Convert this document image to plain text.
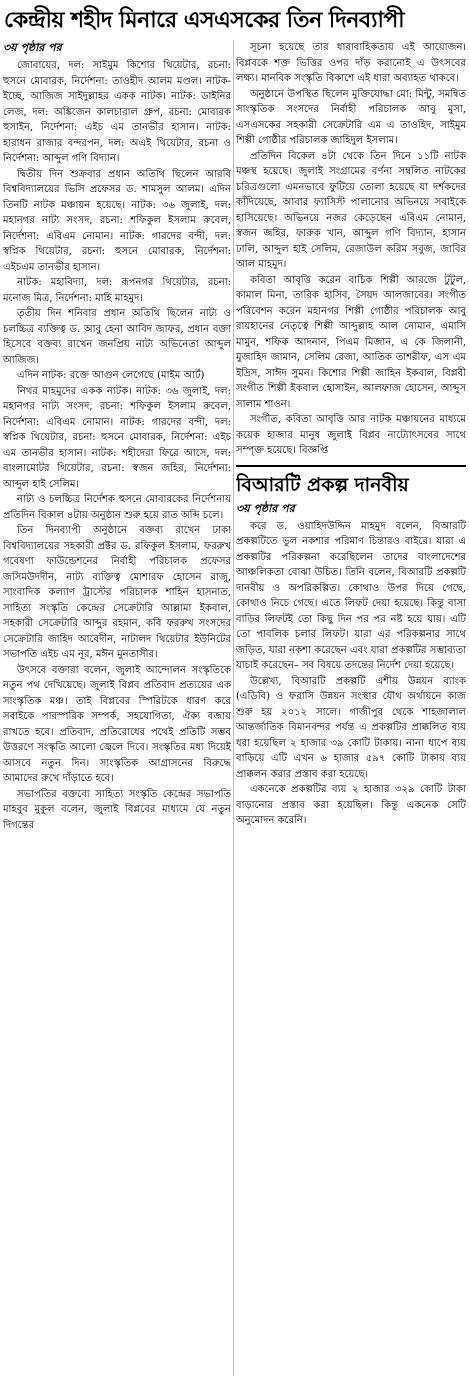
কেন্দ্রীয় শহীদ মিনারে এসএসকের তিন দিনব্যাপী
৩য় পৃষ্ঠার পর

জোবায়ের, দল: সাইমুম কিশোর থিয়েটার, রচনা: হুসনে মোবারক, নির্দেশনা: তাওহীদ আলম মণ্ডল। নাটক- ইচ্ছে, আজিজ সাইদুল্লাহর একক নাটক। নাটক: ডাইনির লেজ, দল: অঙ্কিজেন কালচারাল গ্রুপ, রচনা: মোবারক হুসাইন, নির্দেশনা: এইচ এম তানভীর হাসান। নাটক: হারাধন রাজার বন্দরপন, দল: অএই থিয়েটার, রচনা ও নির্দেশনা: আব্দুল গণি বিদ্যান।

দ্বিতীয় দিন শুক্রবার প্রধান অতিথি ছিলেন আরবি বিশ্ববিদ্যালয়ের ভিসি প্রফেসর ড. শামসুল আলম। এদিন তিনটি নাটক মঞ্চায়ন হয়েছে। নাটক: ৩৬ জুলাই, দল: মহানগর নাট্য সংসদ, রচনা: শফিকুল ইসলাম রুবেল, নির্দেশনা: এবিএম নোমান। নাটক: গারদের বন্দী, দল: স্বপ্নিক থিয়েটার, রচনা: হুসনে মোবারক, নির্দেশনা: এইচএম তানভীর হাসান।

নাটক: মহাবিদ্যা, দল: রূপনগর থিয়েটার, রচনা: মনোজ মিত্র, নির্দেশনা: মাহি মাহমুদ।

তৃতীয় দিন শনিবার প্রধান অতিথি ছিলেন নাট্য ও চলচ্চিত্র ব্যক্তিত্ব ড. আবু হেনা আবিদ জাফর, প্রধান বক্তা হিসেবে বক্তব্য রাখেন জনপ্রিয় নাট্য অভিনেতা আব্দুল আজিজ।

এদিন নাটক: রক্তে আগুন লেগেছে (মাইম আর্ট)

নিথর মাহমুদের একক নাটক। নাটক: ৩৬ জুলাই, দল: মহানগর নাট্য সংসদ, রচনা: শফিকুল ইসলাম রুবেল, নির্দেশনা: এবিএম নোমান। নাটক: গারদের বন্দী, দল: স্বপ্নিক থিয়েটার, রচনা: হুসনে মোবারক, নির্দেশনা: এইচ এম তানভীর হাসান। নাটক: শহীদেরা ফিরে আসে, দল: বাংলামোটর থিয়েটার, রচনা: স্বজন জহির, নির্দেশনা: আব্দুল হাই সেলিম।

নাট্য ও চলচ্চিত্র নির্দেশক হুসনে মোবারকের নির্দেশনায় প্রতিদিন বিকাল ৪টায় অনুষ্ঠান শুরু হয়ে রাত অব্দি চলে।

তিন দিনব্যাপী অনুষ্ঠানে বক্তব্য রাখেন ঢাকা বিশ্ববিদ্যালয়ের সহকারী প্রক্টর ড. রফিকুল ইসলাম, ফররুখ গবেষণা ফাউন্ডেশনের নির্বাহী পরিচালক প্রফেসর জসিমউদদীন, নাট্য ব্যক্তিত্ব মোশারফ হোসেন রাজু, সাংবাদিক কল্যাণ ট্রাস্টের পরিচালক শাহিন হাসনাত, সাহিত্য সংস্কৃতি কেন্দ্রের সেক্রেটারি আল্লামা ইকবাল, সহকারী সেক্রেটারি আব্দুর রহমান, কবি ফররুখ সংসদের সেক্রেটারি জাহিদ আবেদীন, নাটালদ থিয়েটার ইউনিটের সভাপতি এইচ এম নূর, মঈন মুনতাসীর।

উৎসবে বক্তারা বলেন, জুলাই আন্দোলন সংস্কৃতিকে নতুন পথ দেখিয়েছে। জুলাই বিপ্লব প্রতিবাদ প্রত্যয়ের এক সাংস্কৃতিক মঞ্চ। তাই বিপ্লবের স্পিরিটকে ধারণ করে সবাইকে পারস্পরিক সম্পর্ক, সহযোগিতা, ঐক্য বজায় রাখতে হবে। প্রতিবাদ, প্রতিরোধের পথেই প্রতিটি সম্ভব উত্তরণে সংস্কৃতি আলো জ্বেলে দিবে। সংস্কৃতির মধ্য দিয়েই আসবে নতুন দিন। সাংস্কৃতিক আগ্রাসনের বিরুদ্ধে আমাদের রুখে দাঁড়াতে হবে।

সভাপতির বক্তব্যে সাহিত্য সংস্কৃতি কেন্দ্রের সভাপতি মাহবুব মুকুল বলেন, জুলাই বিপ্লবের মাধ্যমে যে নতুন দিগন্তের

সূচনা হয়েছে তার ধারাবাহিকতায় এই আয়োজন। বিপ্লবকে শক্ত ভিত্তির ওপর দাঁড় করানোই এ উৎসবের লক্ষ্য। মানবিক সংস্কৃতি বিকাশে এই ধারা অব্যাহত থাকবে।

অনুষ্ঠানে উপস্থিত ছিলেন মুক্তিযোদ্ধা মো: মিন্টু, সমন্বিত সাংস্কৃতিক সংসদের নির্বাহী পরিচালক আবু মুসা, এসএসকের সহকারী সেক্রেটারি এম এ তাওহিদ, সাইমুম শিল্পী গোষ্ঠীর পরিচালক জাহিদুল ইসলাম।

প্রতিদিন বিকেল ৪টা থেকে তিন দিনে ১১টি নাটক মঞ্চস্থ হয়েছে। জুলাই সংগ্রামের বর্ণনা সম্বলিত নাটকের চরিত্রগুলো এমনভাবে ফুটিয়ে তোলা হয়েছে যা দর্শকদের কাঁদিয়েছে, আবার ফ্যাসিস্ট পালানোর অভিনয়ে সবাইকে হাসিয়েছে। অভিনয়ে নজর কেড়েছেন এবিএম নোমান, স্বজন জহির, ফারুক খান, আব্দুল গণি বিদ্যান, হাসান ঢালি, আব্দুল হাই সেলিম, রেজাউল করিম সবুজ, জাবির আল মাহমুদ।

কবিতা আবৃত্তি করেন বাচিক শিল্পী আরজে টুটুল, কামাল মিনা, তারিক হাসিব, সৈয়দ আলজাবের। সংগীত পরিবেশন করেন মহানগর শিল্পী গোষ্ঠীর পরিচালক আবু রায়হানের নেতৃত্বে শিল্পী আব্দুল্লাহ আল নোমান, এমাসি মামুন, শফিক আদনান, পিএম মিজান, এ কে জিলানী, মুজাহিদ জামান, সেলিম রেজা, আতিক তাশরীফ, এস এম ইদ্রিস, সাঈদ সুমন। কিশোর শিল্পী জাহিন ইকবাল, বিপ্লবী সংগীত শিল্পী ইকবাল হোসাইন, আলফাজ হোসেন, আব্দুস সালাম শাওন।

সংগীত, কবিতা আবৃত্তি আর নাটক মঞ্চায়নের মাধ্যমে কয়েক হাজার মানুষ জুলাই বিপ্লব নাট্যোৎসবের সাথে সম্পৃক্ত হয়েছে। বিজ্ঞপ্তি

বিআরটি প্রকল্প দানবীয়
৩য় পৃষ্ঠার পর

করে ড. ওয়াহিদউদ্দিন মাহমুদ বলেন, বিআরটি প্রকল্পটিতে ভুল নকশার পরিমাণ চিন্তারও বাইরে। যারা এ প্রকল্পটির পরিকল্পনা করেছিলেন তাদের বাংলাদেশের আঞ্চলিকতা বোঝা উচিত। তিনি বলেন, বিআরটি প্রকল্পটি দানবীয় ও অপরিকল্পিত। কোথাও উপর দিয়ে গেছে, কোথাও নিচে গেছে। এতে লিফট দেয়া হয়েছে। কিন্তু বাসা বাড়ির লিফটই তো কিছু দিন পর পর নষ্ট হয়ে যায়। এটি তো পাবলিক চলার লিফট। যারা এর পরিকল্পনার সাথে জড়িত, যারা নকশা করেছেন এবং যারা প্রকল্পটির সম্ভাব্যতা যাচাই করেছেন– সব বিষয়ে তদন্তের নির্দেশ দেয়া হয়েছে।

উল্লেখ্য, বিআরটি প্রকল্পটি এশীয় উন্নয়ন ব্যাংক (এডিবি) ও ফরাসি উন্নয়ন সংস্থার যৌথ অর্থায়নে কাজ শুরু হয় ২০১২ সালে। গাজীপুর থেকে শাহজালাল আন্তর্জাতিক বিমানবন্দর পর্যন্ত এ প্রকল্পটির প্রাক্কলিত ব্যয় ধরা হয়েছিল ২ হাজার ৩৯ কোটি টাকায়। নানা ধাপে ব্যয় বাড়িয়ে এটি এখন ৬ হাজার ৫৯৭ কোটি টাকায় ব্যয় প্রাক্কলন করার প্রস্তাব করা হয়েছে।

একনেকে প্রকল্পটির ব্যয় ২ হাজার ৩২৯ কোটি টাকা বাড়ানোর প্রস্তাব করা হয়েছিল। কিন্তু একনেক সেটি অনুমোদন করেনি।
